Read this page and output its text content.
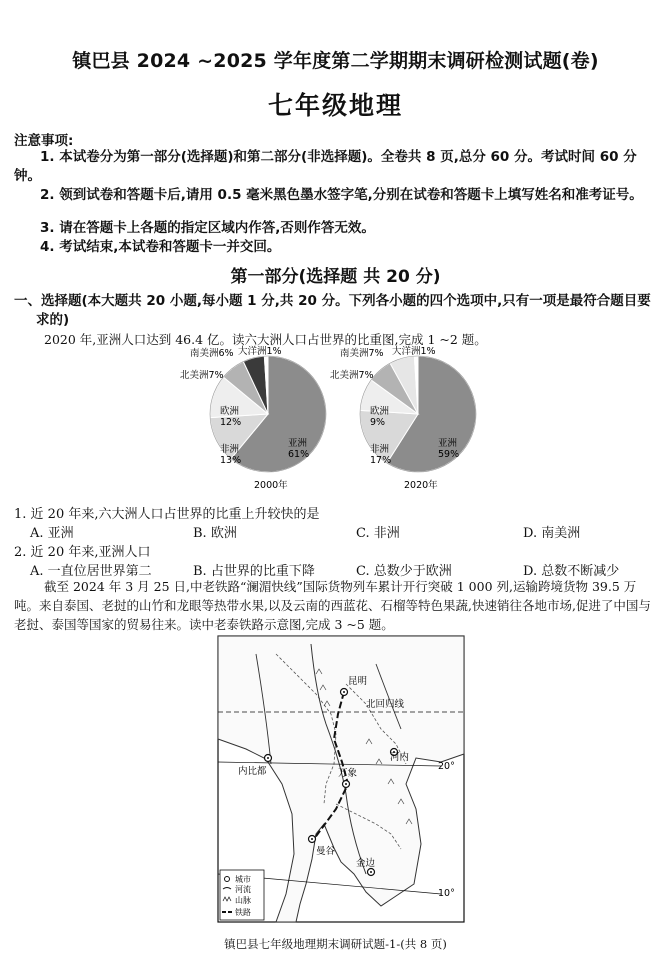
镇巴县 2024 ~2025 学年度第二学期期末调研检测试题(卷)
七年级地理
注意事项:
1. 本试卷分为第一部分(选择题)和第二部分(非选择题)。全卷共 8 页,总分 60 分。考试时间 60 分钟。
2. 领到试卷和答题卡后,请用 0.5 毫米黑色墨水签字笔,分别在试卷和答题卡上填写姓名和准考证号。
3. 请在答题卡上各题的指定区域内作答,否则作答无效。
4. 考试结束,本试卷和答题卡一并交回。
第一部分(选择题 共 20 分)
一、选择题(本大题共 20 小题,每小题 1 分,共 20 分。下列各小题的四个选项中,只有一项是最符合题目要求的)
2020 年,亚洲人口达到 46.4 亿。读六大洲人口占世界的比重图,完成 1 ~2 题。
亚洲 61%
非洲 13%
欧洲 12%
北美洲7%
南美洲6% 大洋洲1%
2000年
亚洲 59%
非洲 17%
欧洲 9%
北美洲7%
南美洲7% 大洋洲1%
2020年
1. 近 20 年来,六大洲人口占世界的比重上升较快的是
A. 亚洲	B. 欧洲	C. 非洲	D. 南美洲
2. 近 20 年来,亚洲人口
A. 一直位居世界第二	B. 占世界的比重下降	C. 总数少于欧洲	D. 总数不断减少
截至 2024 年 3 月 25 日,中老铁路“澜湄快线”国际货物列车累计开行突破 1 000 列,运输跨境货物 39.5 万吨。来自泰国、老挝的山竹和龙眼等热带水果,以及云南的西蓝花、石榴等特色果蔬,快速销往各地市场,促进了中国与老挝、泰国等国家的贸易往来。读中老泰铁路示意图,完成 3 ~5 题。
昆明
内比都	万象
曼谷
金边
河内
北回归线
20°
10°
城市
河流
山脉
铁路
镇巴县七年级地理期末调研试题-1-(共 8 页)
